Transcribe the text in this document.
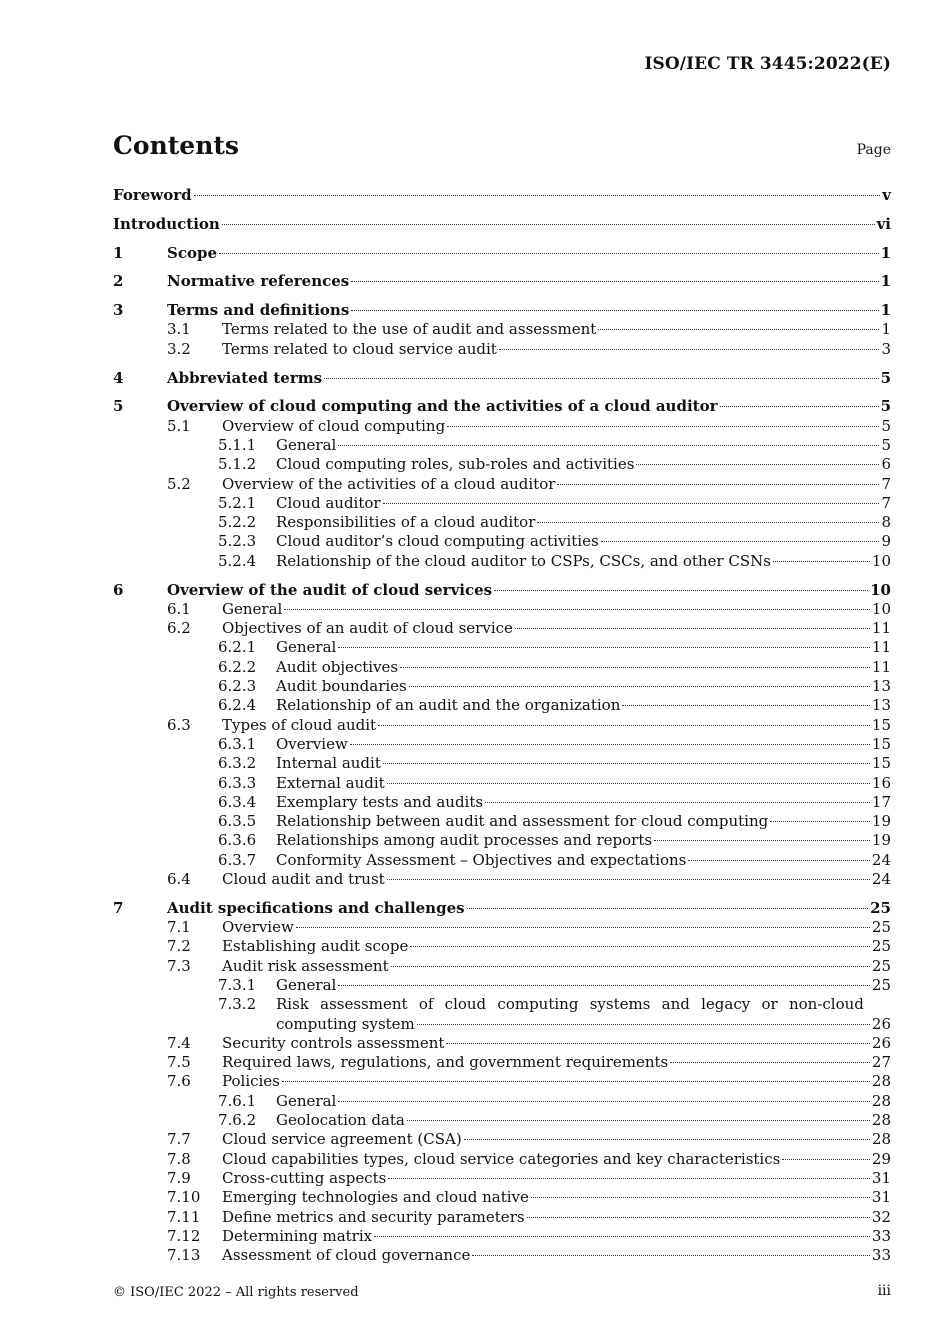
ISO/IEC TR 3445:2022(E)
Contents	Page
Foreword	v
Introduction	vi
1	Scope	1
2	Normative references	1
3	Terms and definitions	1
3.1 Terms related to the use of audit and assessment	1
3.2 Terms related to cloud service audit	3
4	Abbreviated terms	5
5	Overview of cloud computing and the activities of a cloud auditor	5
5.1 Overview of cloud computing	5
5.1.1 General	5
5.1.2 Cloud computing roles, sub-roles and activities	6
5.2 Overview of the activities of a cloud auditor	7
5.2.1 Cloud auditor	7
5.2.2 Responsibilities of a cloud auditor	8
5.2.3 Cloud auditor’s cloud computing activities	9
5.2.4 Relationship of the cloud auditor to CSPs, CSCs, and other CSNs	10
6	Overview of the audit of cloud services	10
6.1 General	10
6.2 Objectives of an audit of cloud service	11
6.2.1 General	11
6.2.2 Audit objectives	11
6.2.3 Audit boundaries	13
6.2.4 Relationship of an audit and the organization	13
6.3 Types of cloud audit	15
6.3.1 Overview	15
6.3.2 Internal audit	15
6.3.3 External audit	16
6.3.4 Exemplary tests and audits	17
6.3.5 Relationship between audit and assessment for cloud computing	19
6.3.6 Relationships among audit processes and reports	19
6.3.7 Conformity Assessment – Objectives and expectations	24
6.4 Cloud audit and trust	24
7	Audit specifications and challenges	25
7.1 Overview	25
7.2 Establishing audit scope	25
7.3 Audit risk assessment	25
7.3.1 General	25
7.3.2 Risk assessment of cloud computing systems and legacy or non-cloud
computing system	26
7.4 Security controls assessment	26
7.5 Required laws, regulations, and government requirements	27
7.6 Policies	28
7.6.1 General	28
7.6.2 Geolocation data	28
7.7 Cloud service agreement (CSA)	28
7.8 Cloud capabilities types, cloud service categories and key characteristics	29
7.9 Cross-cutting aspects	31
7.10 Emerging technologies and cloud native	31
7.11 Define metrics and security parameters	32
7.12 Determining matrix	33
7.13 Assessment of cloud governance	33
© ISO/IEC 2022 – All rights reserved	iii
